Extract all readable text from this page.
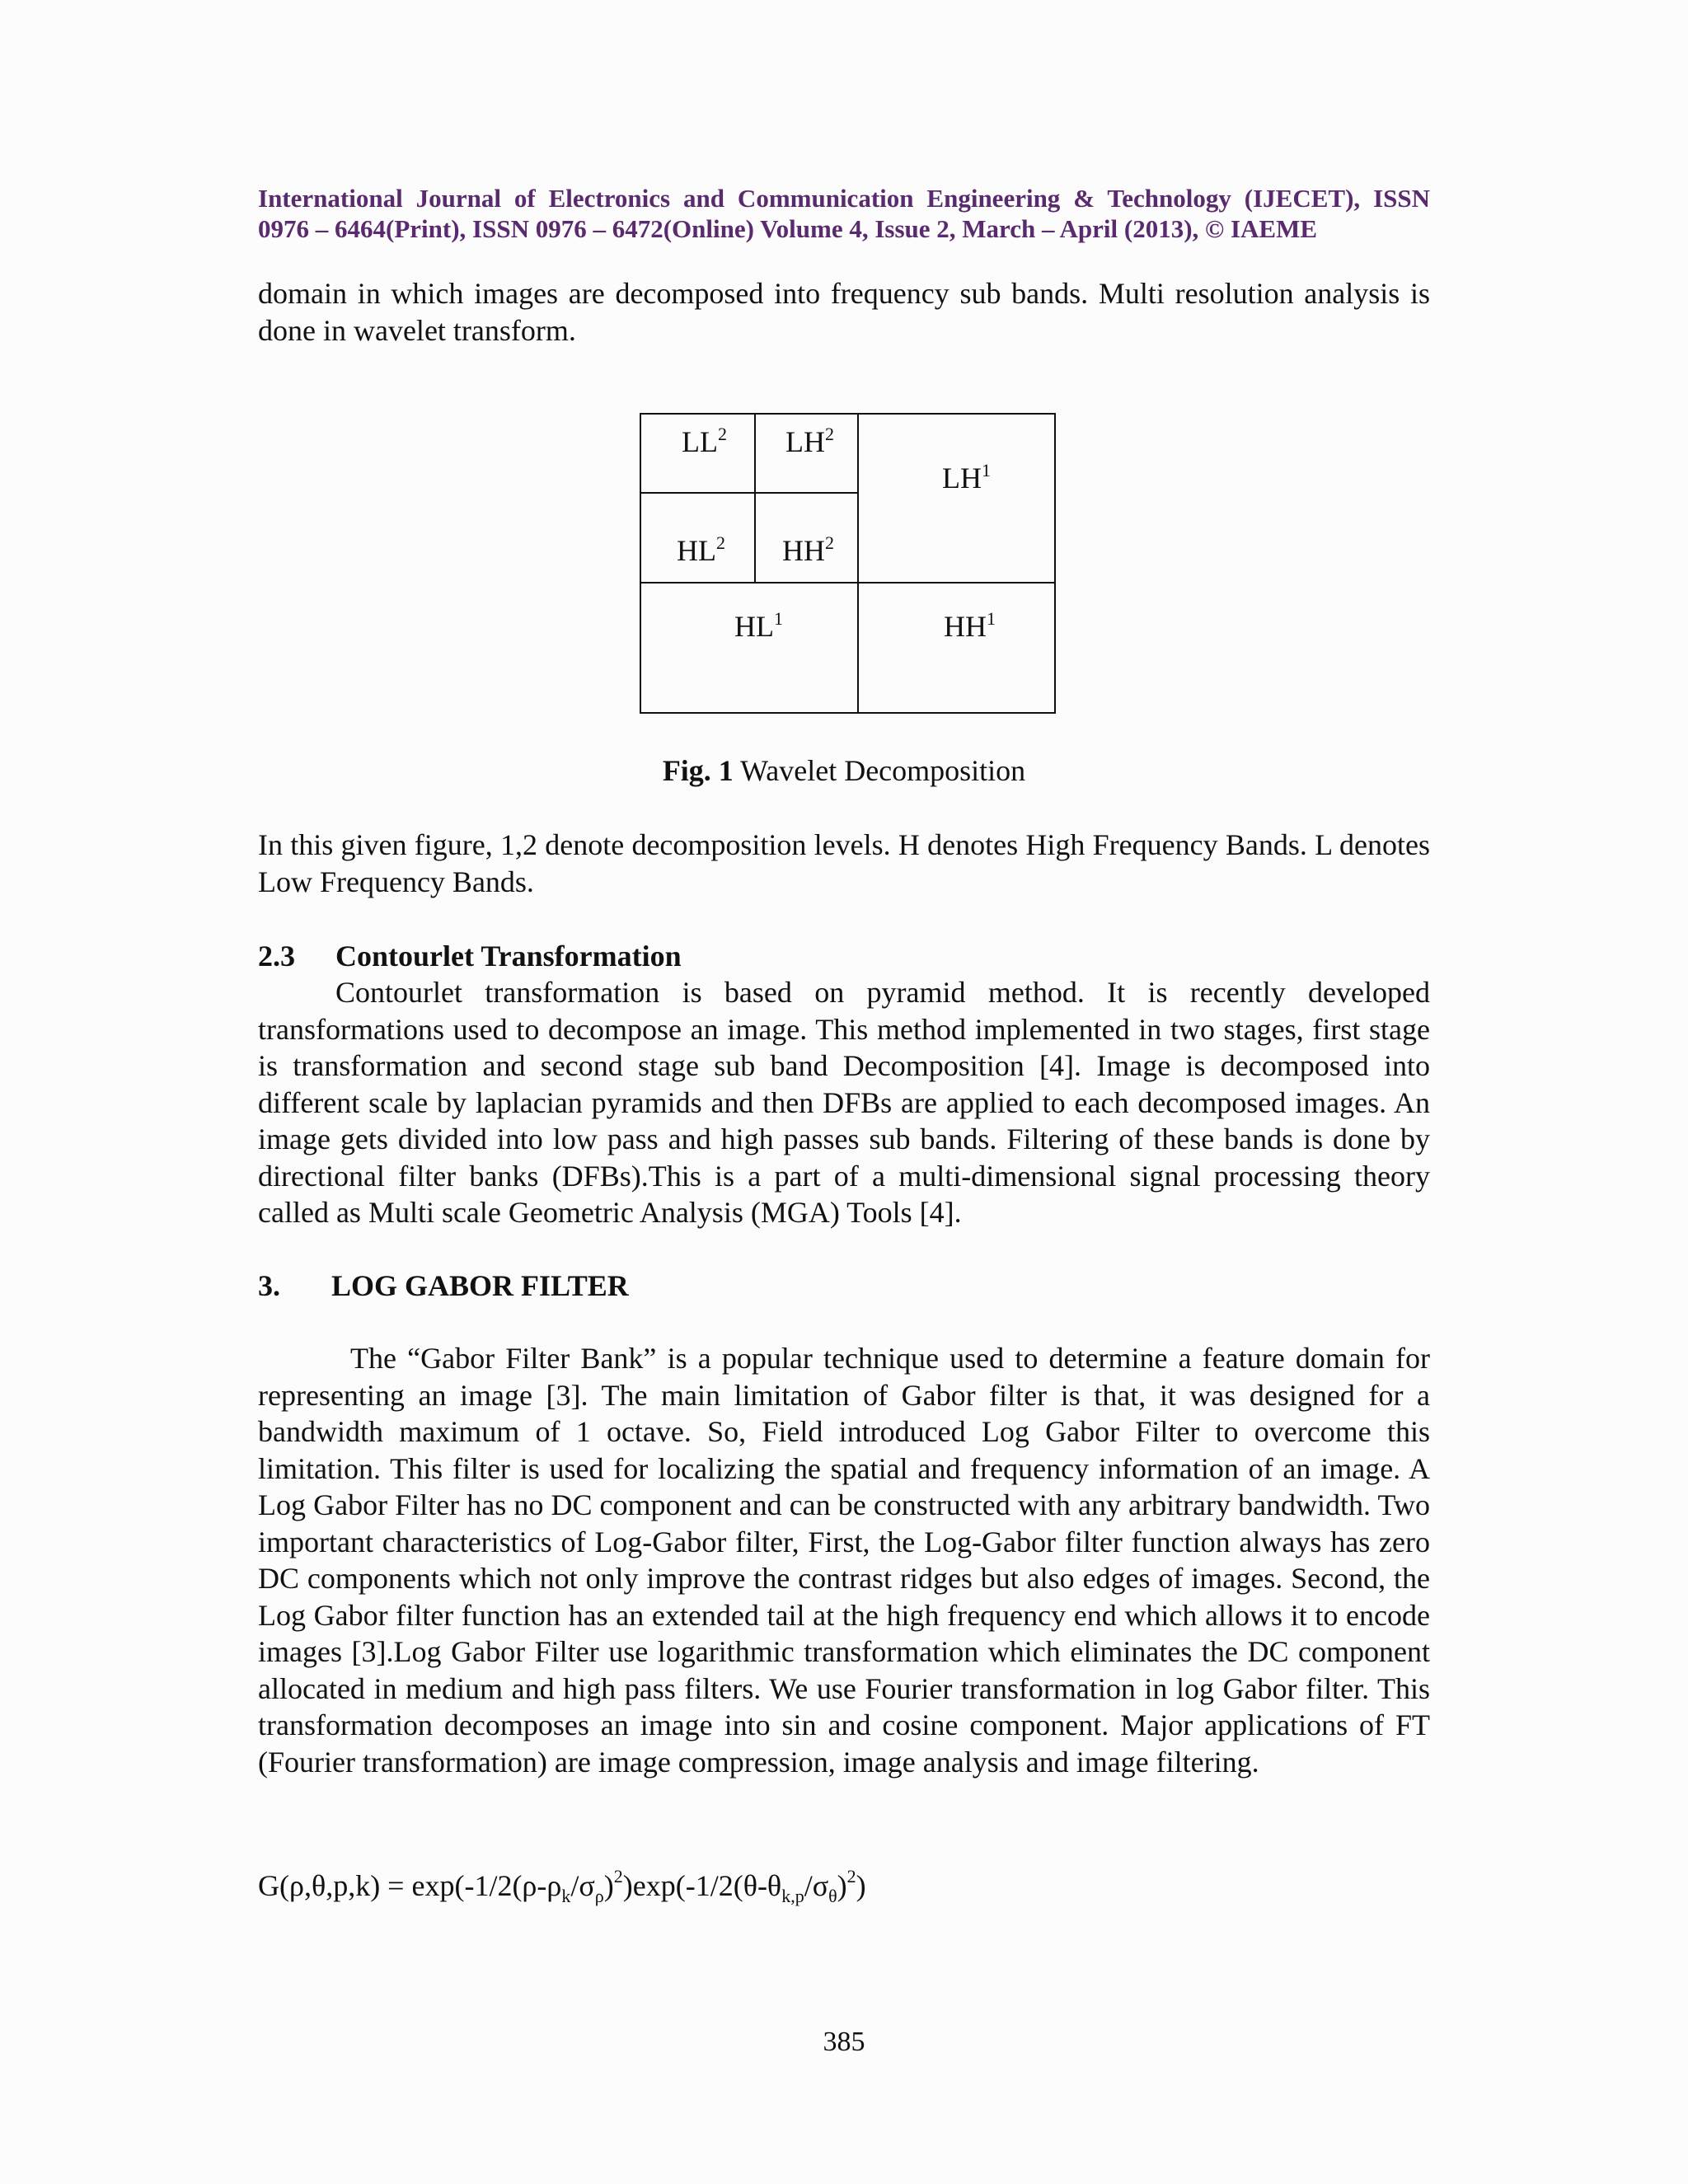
International Journal of Electronics and Communication Engineering & Technology (IJECET), ISSN
0976 – 6464(Print), ISSN 0976 – 6472(Online) Volume 4, Issue 2, March – April (2013), © IAEME
domain in which images are decomposed into frequency sub bands. Multi resolution analysis is done in wavelet transform.
$LL^2$ $LH^2$
$HL^2$ $HH^2$
$LH^1$
$HL^1$	$HH^1$
Fig. 1 Wavelet Decomposition
In this given figure, 1,2 denote decomposition levels. H denotes High Frequency Bands. L denotes Low Frequency Bands.
2.3 Contourlet Transformation
Contourlet transformation is based on pyramid method. It is recently developed transformations used to decompose an image. This method implemented in two stages, first stage is transformation and second stage sub band Decomposition [4]. Image is decomposed into different scale by laplacian pyramids and then DFBs are applied to each decomposed images. An image gets divided into low pass and high passes sub bands. Filtering of these bands is done by directional filter banks (DFBs).This is a part of a multi-dimensional signal processing theory called as Multi scale Geometric Analysis (MGA) Tools [4].
3. LOG GABOR FILTER
The “Gabor Filter Bank” is a popular technique used to determine a feature domain for representing an image [3]. The main limitation of Gabor filter is that, it was designed for a bandwidth maximum of 1 octave. So, Field introduced Log Gabor Filter to overcome this limitation. This filter is used for localizing the spatial and frequency information of an image. A Log Gabor Filter has no DC component and can be constructed with any arbitrary bandwidth. Two important characteristics of Log-Gabor filter, First, the Log-Gabor filter function always has zero DC components which not only improve the contrast ridges but also edges of images. Second, the Log Gabor filter function has an extended tail at the high frequency end which allows it to encode images [3].Log Gabor Filter use logarithmic transformation which eliminates the DC component allocated in medium and high pass filters. We use Fourier transformation in log Gabor filter. This transformation decomposes an image into sin and cosine component. Major applications of FT (Fourier transformation) are image compression, image analysis and image filtering.
$G(\rho,\theta,p,k) = \exp(-1/2(\rho-\rho_k/\sigma_\rho)^2)\exp(-1/2(\theta-\theta_{k,p}/\sigma_\theta)^2)$
385
